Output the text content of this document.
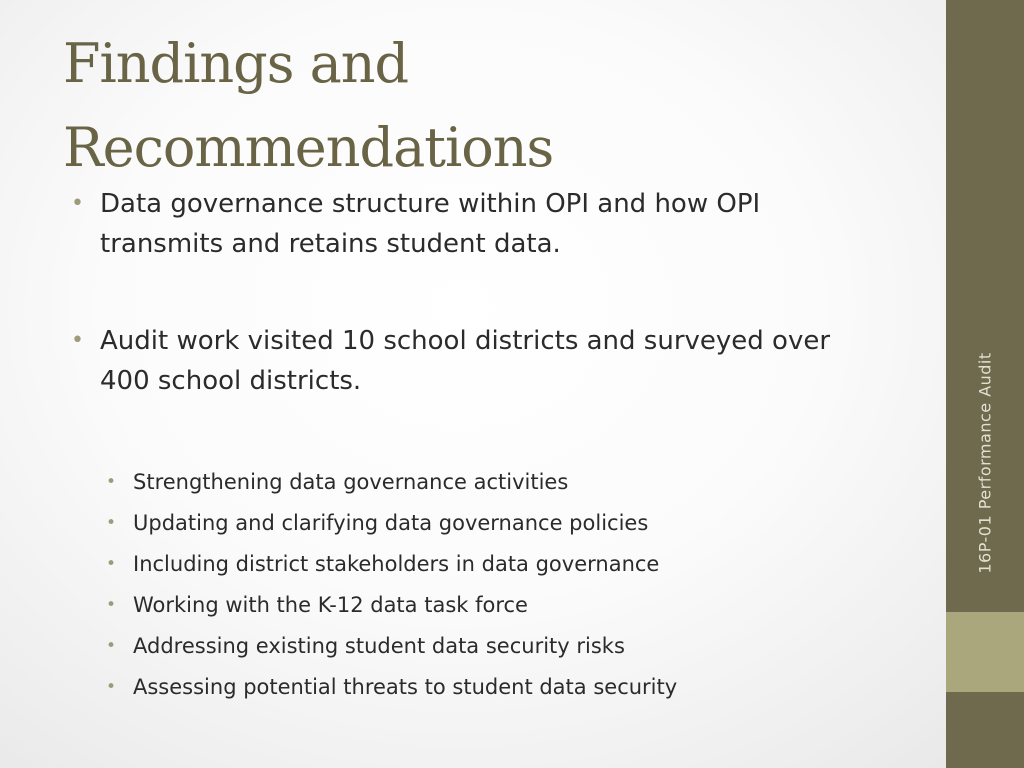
Findings and
Recommendations
• Data governance structure within OPI and how OPI
transmits and retains student data.
• Audit work visited 10 school districts and surveyed over
400 school districts.
• Strengthening data governance activities
• Updating and clarifying data governance policies
• Including district stakeholders in data governance
• Working with the K-12 data task force
• Addressing existing student data security risks
• Assessing potential threats to student data security
16P-01 Performance Audit
